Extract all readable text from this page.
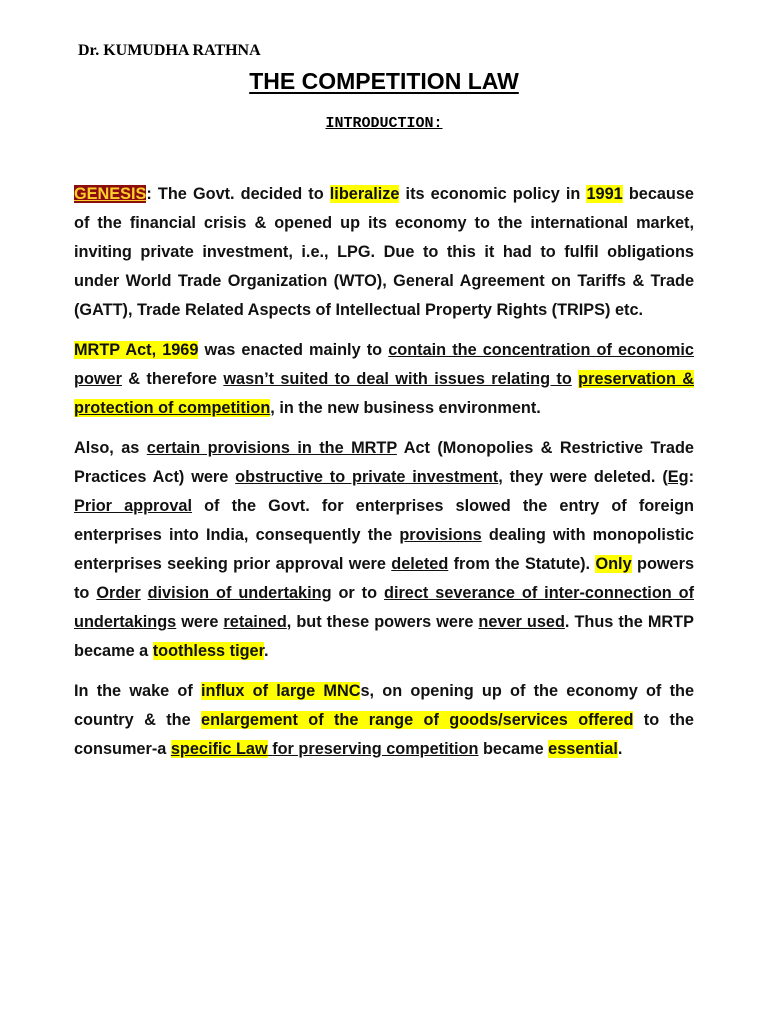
Dr. KUMUDHA RATHNA
THE COMPETITION LAW
INTRODUCTION:

GENESIS: The Govt. decided to liberalize its economic policy in 1991 because of the financial crisis & opened up its economy to the international market, inviting private investment, i.e., LPG. Due to this it had to fulfil obligations under World Trade Organization (WTO), General Agreement on Tariffs & Trade (GATT), Trade Related Aspects of Intellectual Property Rights (TRIPS) etc.

MRTP Act, 1969 was enacted mainly to contain the concentration of economic power & therefore wasn’t suited to deal with issues relating to preservation & protection of competition, in the new business environment.

Also, as certain provisions in the MRTP Act (Monopolies & Restrictive Trade Practices Act) were obstructive to private investment, they were deleted. (Eg: Prior approval of the Govt. for enterprises slowed the entry of foreign enterprises into India, consequently the provisions dealing with monopolistic enterprises seeking prior approval were deleted from the Statute). Only powers to Order division of undertaking or to direct severance of inter-connection of undertakings were retained, but these powers were never used. Thus the MRTP became a toothless tiger.

In the wake of influx of large MNCs, on opening up of the economy of the country & the enlargement of the range of goods/services offered to the consumer-a specific Law for preserving competition became essential.
